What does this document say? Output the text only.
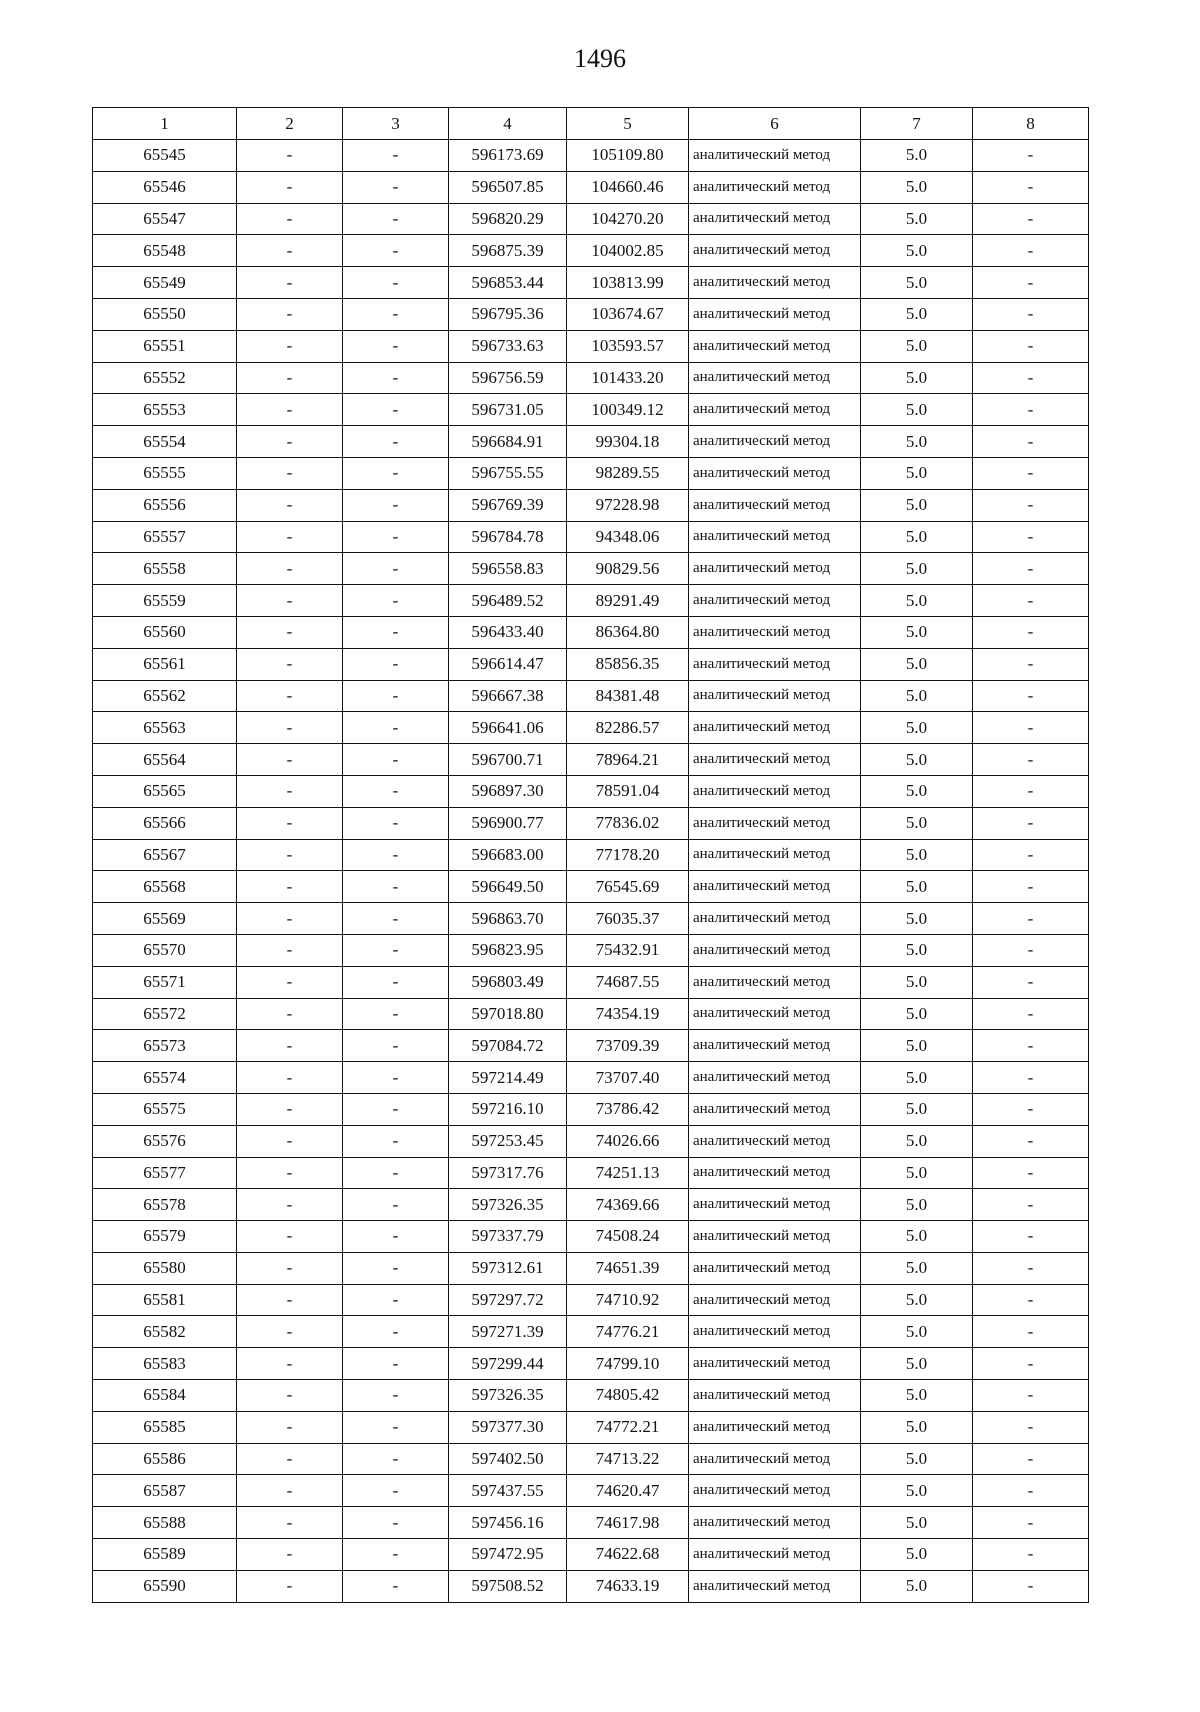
1496
1	2	3	4	5	6	7	8
65545	-	-	596173.69	105109.80	аналитический метод	5.0	-
65546	-	-	596507.85	104660.46	аналитический метод	5.0	-
65547	-	-	596820.29	104270.20	аналитический метод	5.0	-
65548	-	-	596875.39	104002.85	аналитический метод	5.0	-
65549	-	-	596853.44	103813.99	аналитический метод	5.0	-
65550	-	-	596795.36	103674.67	аналитический метод	5.0	-
65551	-	-	596733.63	103593.57	аналитический метод	5.0	-
65552	-	-	596756.59	101433.20	аналитический метод	5.0	-
65553	-	-	596731.05	100349.12	аналитический метод	5.0	-
65554	-	-	596684.91	99304.18	аналитический метод	5.0	-
65555	-	-	596755.55	98289.55	аналитический метод	5.0	-
65556	-	-	596769.39	97228.98	аналитический метод	5.0	-
65557	-	-	596784.78	94348.06	аналитический метод	5.0	-
65558	-	-	596558.83	90829.56	аналитический метод	5.0	-
65559	-	-	596489.52	89291.49	аналитический метод	5.0	-
65560	-	-	596433.40	86364.80	аналитический метод	5.0	-
65561	-	-	596614.47	85856.35	аналитический метод	5.0	-
65562	-	-	596667.38	84381.48	аналитический метод	5.0	-
65563	-	-	596641.06	82286.57	аналитический метод	5.0	-
65564	-	-	596700.71	78964.21	аналитический метод	5.0	-
65565	-	-	596897.30	78591.04	аналитический метод	5.0	-
65566	-	-	596900.77	77836.02	аналитический метод	5.0	-
65567	-	-	596683.00	77178.20	аналитический метод	5.0	-
65568	-	-	596649.50	76545.69	аналитический метод	5.0	-
65569	-	-	596863.70	76035.37	аналитический метод	5.0	-
65570	-	-	596823.95	75432.91	аналитический метод	5.0	-
65571	-	-	596803.49	74687.55	аналитический метод	5.0	-
65572	-	-	597018.80	74354.19	аналитический метод	5.0	-
65573	-	-	597084.72	73709.39	аналитический метод	5.0	-
65574	-	-	597214.49	73707.40	аналитический метод	5.0	-
65575	-	-	597216.10	73786.42	аналитический метод	5.0	-
65576	-	-	597253.45	74026.66	аналитический метод	5.0	-
65577	-	-	597317.76	74251.13	аналитический метод	5.0	-
65578	-	-	597326.35	74369.66	аналитический метод	5.0	-
65579	-	-	597337.79	74508.24	аналитический метод	5.0	-
65580	-	-	597312.61	74651.39	аналитический метод	5.0	-
65581	-	-	597297.72	74710.92	аналитический метод	5.0	-
65582	-	-	597271.39	74776.21	аналитический метод	5.0	-
65583	-	-	597299.44	74799.10	аналитический метод	5.0	-
65584	-	-	597326.35	74805.42	аналитический метод	5.0	-
65585	-	-	597377.30	74772.21	аналитический метод	5.0	-
65586	-	-	597402.50	74713.22	аналитический метод	5.0	-
65587	-	-	597437.55	74620.47	аналитический метод	5.0	-
65588	-	-	597456.16	74617.98	аналитический метод	5.0	-
65589	-	-	597472.95	74622.68	аналитический метод	5.0	-
65590	-	-	597508.52	74633.19	аналитический метод	5.0	-
